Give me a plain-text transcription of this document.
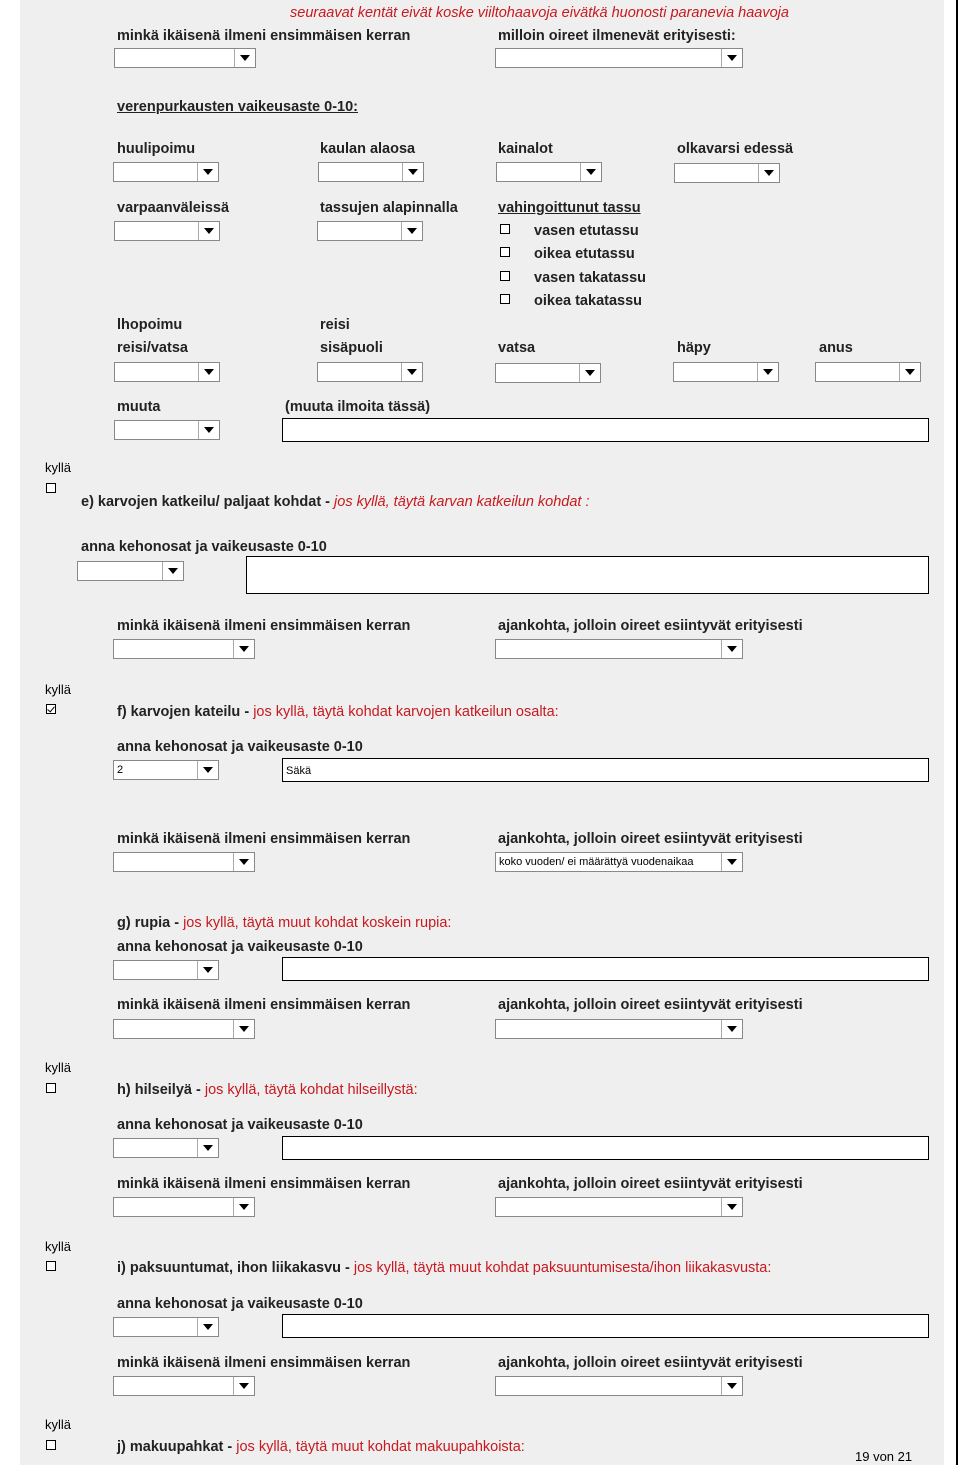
seuraavat kentät eivät koske viiltohaavoja eivätkä huonosti paranevia haavoja
minkä ikäisenä ilmeni ensimmäisen kerran	milloin oireet ilmenevät erityisesti:
verenpurkausten vaikeusaste 0-10:
huulipoimu	kaulan alaosa	kainalot	olkavarsi edessä
varpaanväleissä	tassujen alapinnalla	vahingoittunut tassu
vasen etutassu
oikea etutassu
vasen takatassu
oikea takatassu
lhopoimu	reisi
reisi/vatsa	sisäpuoli	vatsa	häpy	anus
muuta	(muuta ilmoita tässä)
kyllä
e) karvojen katkeilu/ paljaat kohdat - jos kyllä, täytä karvan katkeilun kohdat :
anna kehonosat ja vaikeusaste 0-10
minkä ikäisenä ilmeni ensimmäisen kerran	ajankohta, jolloin oireet esiintyvät erityisesti
kyllä
f) karvojen kateilu - jos kyllä, täytä kohdat karvojen katkeilun osalta:
anna kehonosat ja vaikeusaste 0-10
2	Säkä
minkä ikäisenä ilmeni ensimmäisen kerran	ajankohta, jolloin oireet esiintyvät erityisesti
koko vuoden/ ei määrättyä vuodenaikaa
g) rupia - jos kyllä, täytä muut kohdat koskein rupia:
anna kehonosat ja vaikeusaste 0-10
minkä ikäisenä ilmeni ensimmäisen kerran	ajankohta, jolloin oireet esiintyvät erityisesti
kyllä
h) hilseilyä - jos kyllä, täytä kohdat hilseillystä:
anna kehonosat ja vaikeusaste 0-10
minkä ikäisenä ilmeni ensimmäisen kerran	ajankohta, jolloin oireet esiintyvät erityisesti
kyllä
i) paksuuntumat, ihon liikakasvu - jos kyllä, täytä muut kohdat paksuuntumisesta/ihon liikakasvusta:
anna kehonosat ja vaikeusaste 0-10
minkä ikäisenä ilmeni ensimmäisen kerran	ajankohta, jolloin oireet esiintyvät erityisesti
kyllä
j) makuupahkat - jos kyllä, täytä muut kohdat makuupahkoista:
19 von 21
